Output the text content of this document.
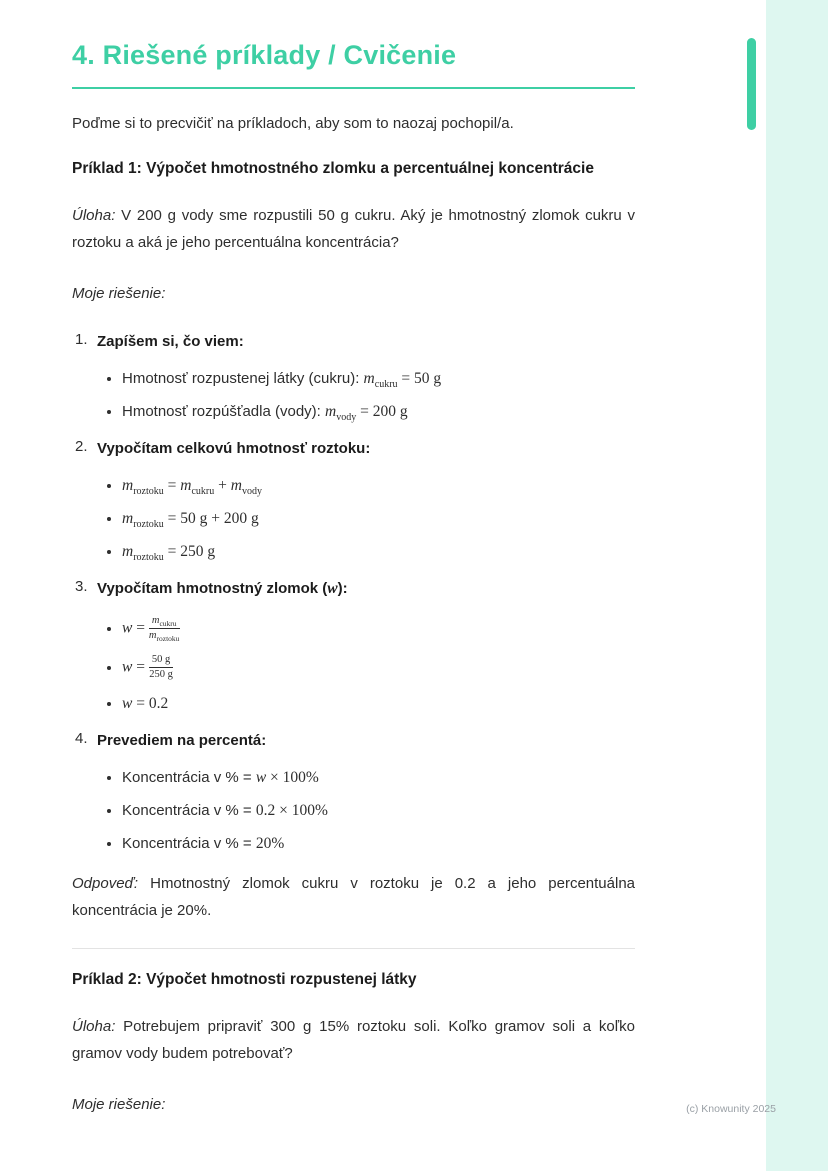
4. Riešené príklady / Cvičenie

Poďme si to precvičiť na príkladoch, aby som to naozaj pochopil/a.

Príklad 1: Výpočet hmotnostného zlomku a percentuálnej koncentrácie

Úloha: V 200 g vody sme rozpustili 50 g cukru. Aký je hmotnostný zlomok cukru v roztoku a aká je jeho percentuálna koncentrácia?

Moje riešenie:

Zapíšem si, čo viem:
• Hmotnosť rozpustenej látky (cukru): $m_{cukru} = 50$ g
• Hmotnosť rozpúšťadla (vody): $m_{vody} = 200$ g
Vypočítam celkovú hmotnosť roztoku:
• $m_{roztoku} = m_{cukru} + m_{vody}$
• $m_{roztoku} = 50$ g + 200 g
• $m_{roztoku} = 250$ g
Vypočítam hmotnostný zlomok (w):
• $w = \frac{m_{cukru}}{m_{roztoku}}$
• $w = \frac{50 g}{250 g}$
• w = 0.2
Prevediem na percentá:
• Koncentrácia v % = w × 100%
• Koncentrácia v % = 0.2 × 100%
• Koncentrácia v % = 20%

Odpoveď: Hmotnostný zlomok cukru v roztoku je 0.2 a jeho percentuálna koncentrácia je 20%.

Príklad 2: Výpočet hmotnosti rozpustenej látky

Úloha: Potrebujem pripraviť 300 g 15% roztoku soli. Koľko gramov soli a koľko gramov vody budem potrebovať?

Moje riešenie:	(c) Knowunity 2025
